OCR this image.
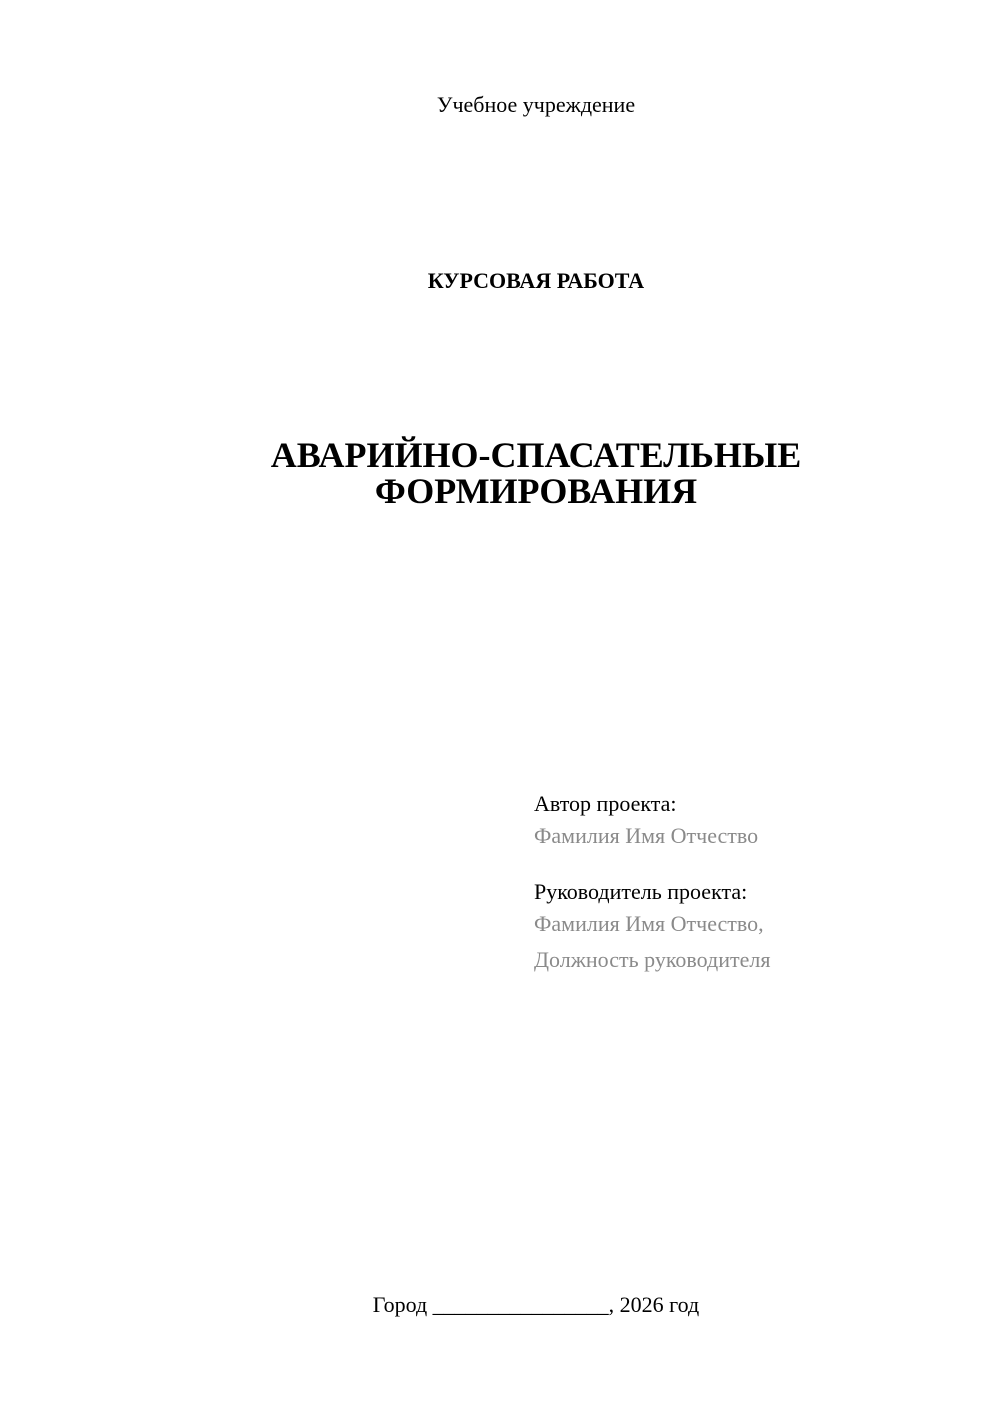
Учебное учреждение
КУРСОВАЯ РАБОТА
АВАРИЙНО-СПАСАТЕЛЬНЫЕ
ФОРМИРОВАНИЯ

Автор проекта:

Фамилия Имя Отчество

Руководитель проекта:

Фамилия Имя Отчество,

Должность руководителя

Город ________________, 2026 год
